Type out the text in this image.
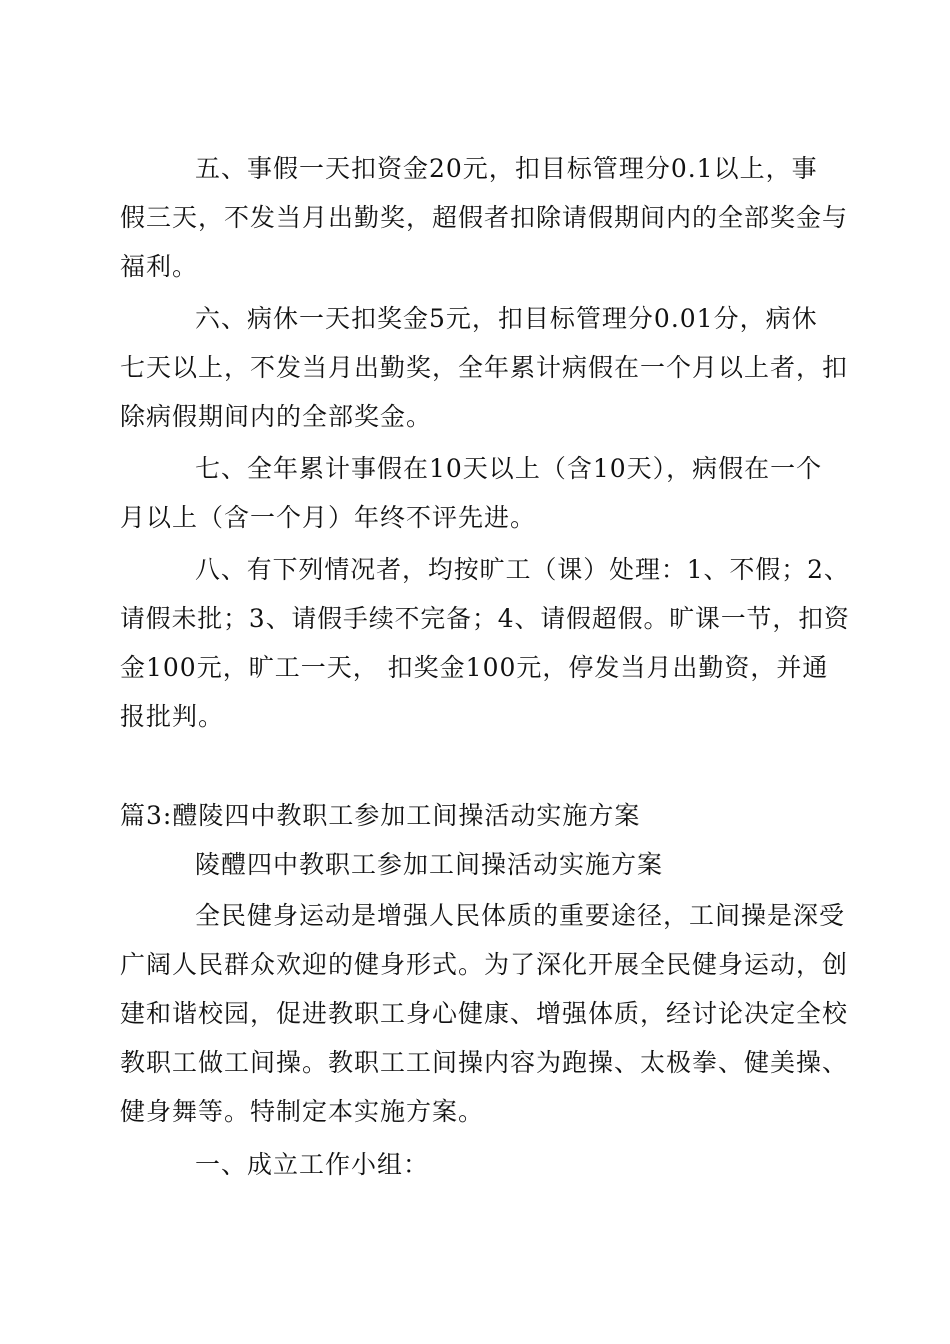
五、事假一天扣资金20元，扣目标管理分0.1以上，事
假三天，不发当月出勤奖，超假者扣除请假期间内的全部奖金与
福利。
六、病休一天扣奖金5元，扣目标管理分0.01分，病休
七天以上，不发当月出勤奖，全年累计病假在一个月以上者，扣
除病假期间内的全部奖金。
七、全年累计事假在10天以上（含10天），病假在一个
月以上（含一个月）年终不评先进。
八、有下列情况者，均按旷工（课）处理：1、不假；2、
请假未批；3、请假手续不完备；4、请假超假。旷课一节，扣资
金100元，旷工一天， 扣奖金100元，停发当月出勤资，并通
报批判。
篇3:醴陵四中教职工参加工间操活动实施方案
陵醴四中教职工参加工间操活动实施方案
全民健身运动是增强人民体质的重要途径，工间操是深受
广阔人民群众欢迎的健身形式。为了深化开展全民健身运动，创
建和谐校园，促进教职工身心健康、增强体质，经讨论决定全校
教职工做工间操。教职工工间操内容为跑操、太极拳、健美操、
健身舞等。特制定本实施方案。
一、成立工作小组：
